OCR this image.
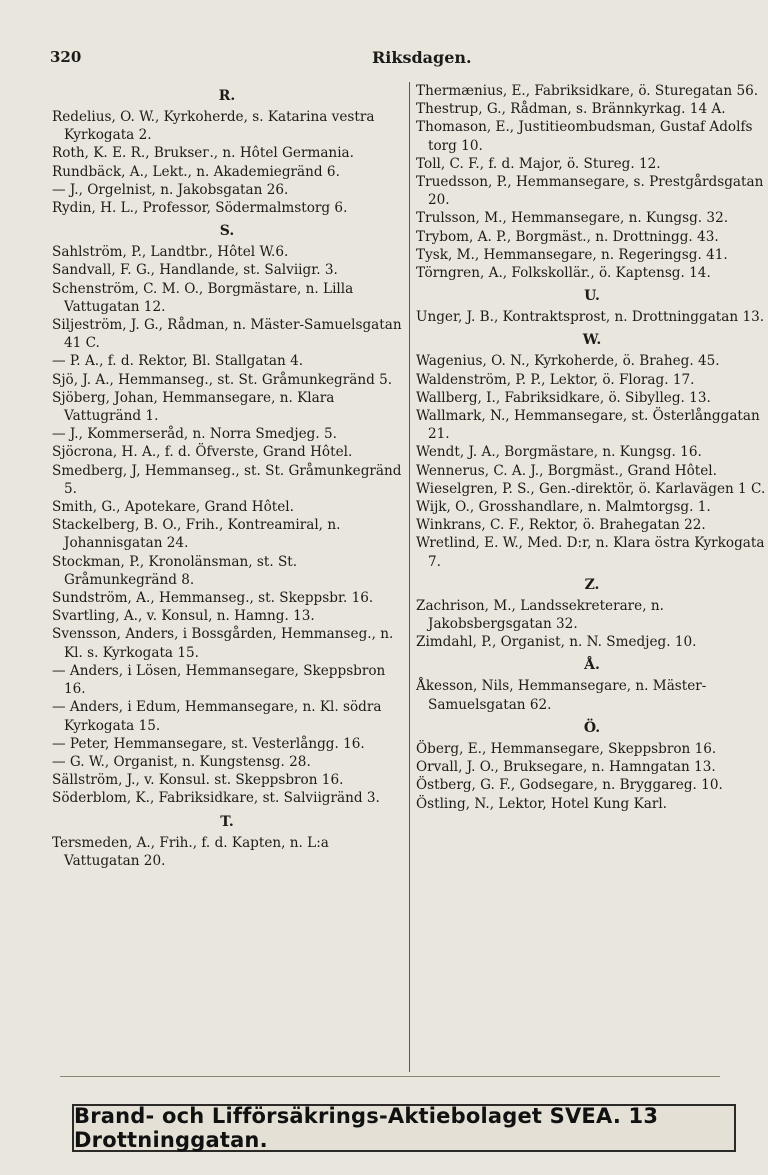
320	Riksdagen.
R.

Redelius, O. W., Kyrkoherde, s. Katarina vestra Kyrkogata 2.

Roth, K. E. R., Bruksег., n. Hôtel Germania.

Rundbäck, A., Lekt., n. Akademiegränd 6.

— J., Orgelnist, n. Jakobsgatan 26.

Rydin, H. L., Professor, Södermalmstorg 6.

S.

Sahlström, P., Landtbr., Hôtel W.6.

Sandvall, F. G., Handlande, st. Salviigr. 3.

Schenström, C. M. O., Borgmästare, n. Lilla Vattugatan 12.

Siljeström, J. G., Rådman, n. Mäster-Samuelsgatan 41 C.

— P. A., f. d. Rektor, Bl. Stallgatan 4.

Sjö, J. A., Hemmanseg., st. St. Gråmunkegränd 5.

Sjöberg, Johan, Hemmansegare, n. Klara Vattugränd 1.

— J., Kommerseråd, n. Norra Smedjeg. 5.

Sjöcrona, H. A., f. d. Öfverste, Grand Hôtel.

Smedberg, J, Hemmanseg., st. St. Gråmunkegränd 5.

Smith, G., Apotekare, Grand Hôtel.

Stackelberg, B. O., Frih., Kontreamiral, n. Johannisgatan 24.

Stockman, P., Kronolänsman, st. St. Gråmunkegränd 8.

Sundström, A., Hemmanseg., st. Skeppsbr. 16.

Svartling, A., v. Konsul, n. Hamng. 13.

Svensson, Anders, i Bossgården, Hemmanseg., n. Kl. s. Kyrkogata 15.

— Anders, i Lösen, Hemmansegare, Skeppsbron 16.

— Anders, i Edum, Hemmansegare, n. Kl. södra Kyrkogata 15.

— Peter, Hemmansegare, st. Vesterlångg. 16.

— G. W., Organist, n. Kungstensg. 28.

Sällström, J., v. Konsul. st. Skeppsbron 16.

Söderblom, K., Fabriksidkare, st. Salviigränd 3.

T.

Tersmeden, A., Frih., f. d. Kapten, n. L:a Vattugatan 20.

Thermænius, E., Fabriksidkare, ö. Sturegatan 56.

Thestrup, G., Rådman, s. Brännkyrkag. 14 A.

Thomason, E., Justitieombudsman, Gustaf Adolfs torg 10.

Toll, C. F., f. d. Major, ö. Stureg. 12.

Truedsson, P., Hemmansegare, s. Prestgårdsgatan 20.

Trulsson, M., Hemmansegare, n. Kungsg. 32.

Trybom, A. P., Borgmäst., n. Drottningg. 43.

Tysk, M., Hemmansegare, n. Regeringsg. 41.

Törngren, A., Folkskollär., ö. Kaptensg. 14.

U.

Unger, J. B., Kontraktsprost, n. Drottninggatan 13.

W.

Wagenius, O. N., Kyrkoherde, ö. Braheg. 45.

Waldenström, P. P., Lektor, ö. Florag. 17.

Wallberg, I., Fabriksidkare, ö. Sibylleg. 13.

Wallmark, N., Hemmansegare, st. Österlånggatan 21.

Wendt, J. A., Borgmästare, n. Kungsg. 16.

Wennerus, C. A. J., Borgmäst., Grand Hôtel.

Wieselgren, P. S., Gen.-direktör, ö. Karlavägen 1 C.

Wijk, O., Grosshandlare, n. Malmtorgsg. 1.

Winkrans, C. F., Rektor, ö. Brahegatan 22.

Wretlind, E. W., Med. D:r, n. Klara östra Kyrkogata 7.

Z.

Zachrison, M., Landssekreterare, n. Jakobsbergsgatan 32.

Zimdahl, P., Organist, n. N. Smedjeg. 10.

Å.

Åkesson, Nils, Hemmansegare, n. Mäster-Samuelsgatan 62.

Ö.

Öberg, E., Hemmansegare, Skeppsbron 16.

Orvall, J. O., Bruksegare, n. Hamngatan 13.

Östberg, G. F., Godsegare, n. Bryggareg. 10.

Östling, N., Lektor, Hotel Kung Karl.

Brand- och Lifförsäkrings-Aktiebolaget SVEA. 13 Drottninggatan.
